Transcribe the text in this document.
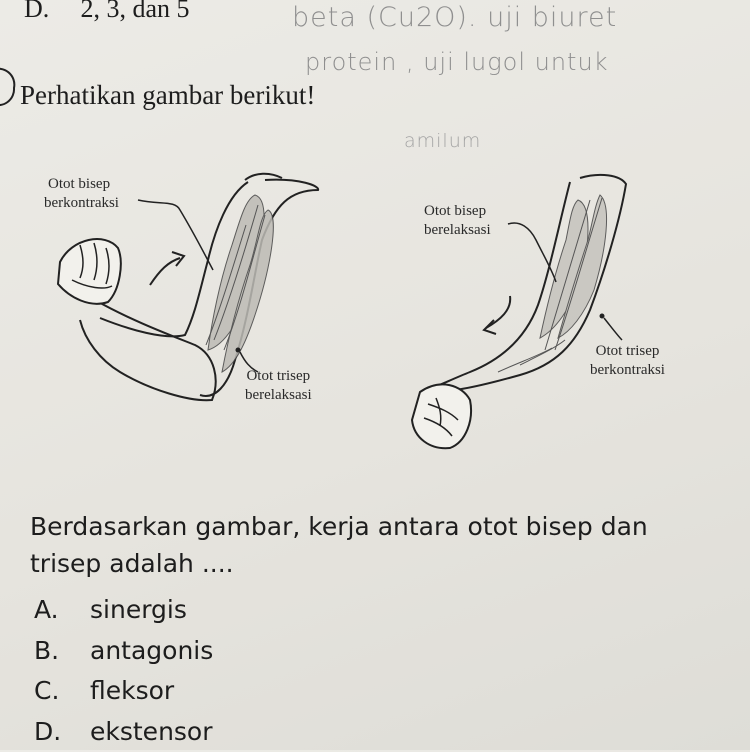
D. 2, 3, dan 5	beta (Cu2O). uji biuret
protein , uji lugol untuk
amilum
Perhatikan gambar berikut!
Otot bisep
berkontraksi
Otot trisep
berelaksasi
Otot bisep
berelaksasi
Otot trisep
berkontraksi
Berdasarkan gambar, kerja antara otot bisep dan
trisep adalah ....
A. sinergis
B. antagonis
C. fleksor
D. ekstensor
